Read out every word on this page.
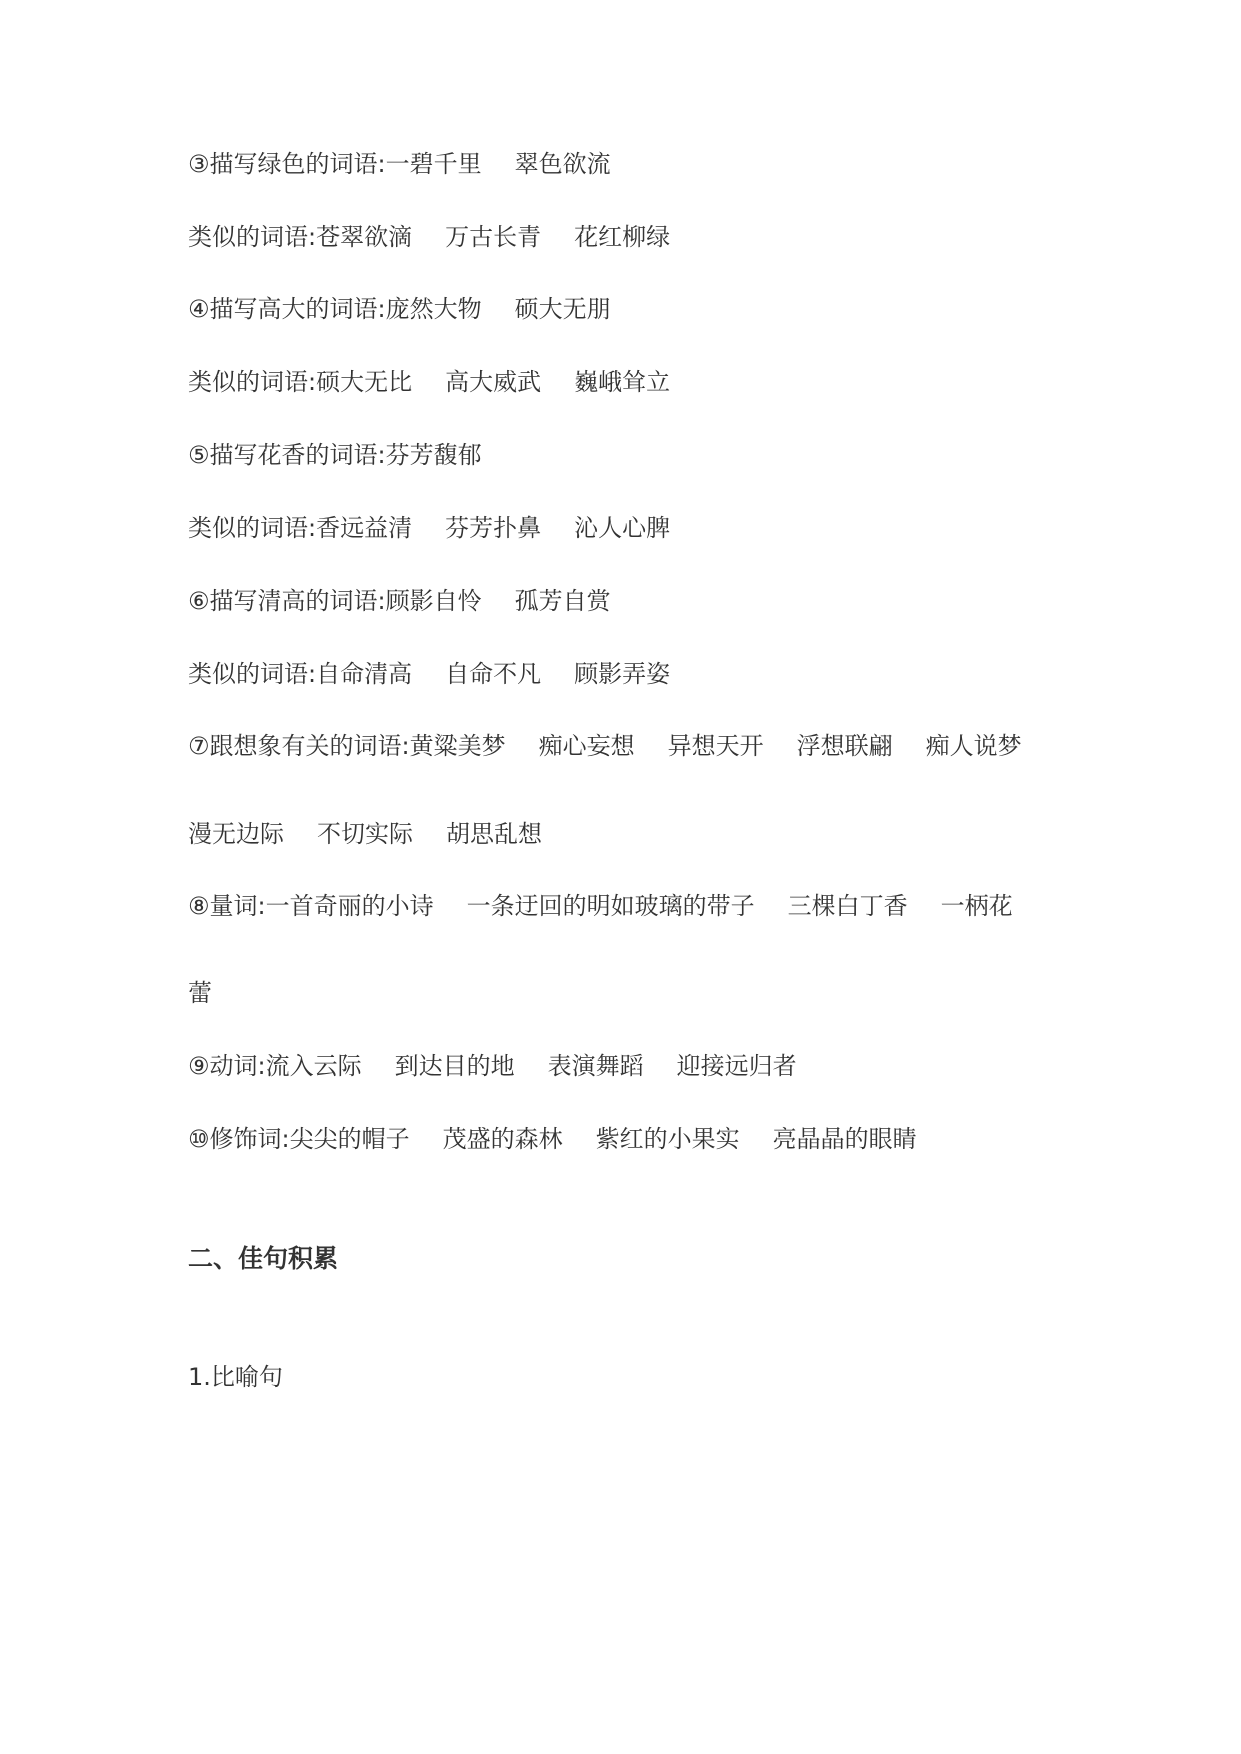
③描写绿色的词语:一碧千里 翠色欲流
类似的词语:苍翠欲滴 万古长青 花红柳绿
④描写高大的词语:庞然大物 硕大无朋
类似的词语:硕大无比 高大威武 巍峨耸立
⑤描写花香的词语:芬芳馥郁
类似的词语:香远益清 芬芳扑鼻 沁人心脾
⑥描写清高的词语:顾影自怜 孤芳自赏
类似的词语:自命清高 自命不凡 顾影弄姿
⑦跟想象有关的词语:黄粱美梦 痴心妄想 异想天开 浮想联翩 痴人说梦
漫无边际 不切实际 胡思乱想
⑧量词:一首奇丽的小诗 一条迂回的明如玻璃的带子 三棵白丁香 一柄花
蕾
⑨动词:流入云际 到达目的地 表演舞蹈 迎接远归者
⑩修饰词:尖尖的帽子 茂盛的森林 紫红的小果实 亮晶晶的眼睛
二、佳句积累
1.比喻句
